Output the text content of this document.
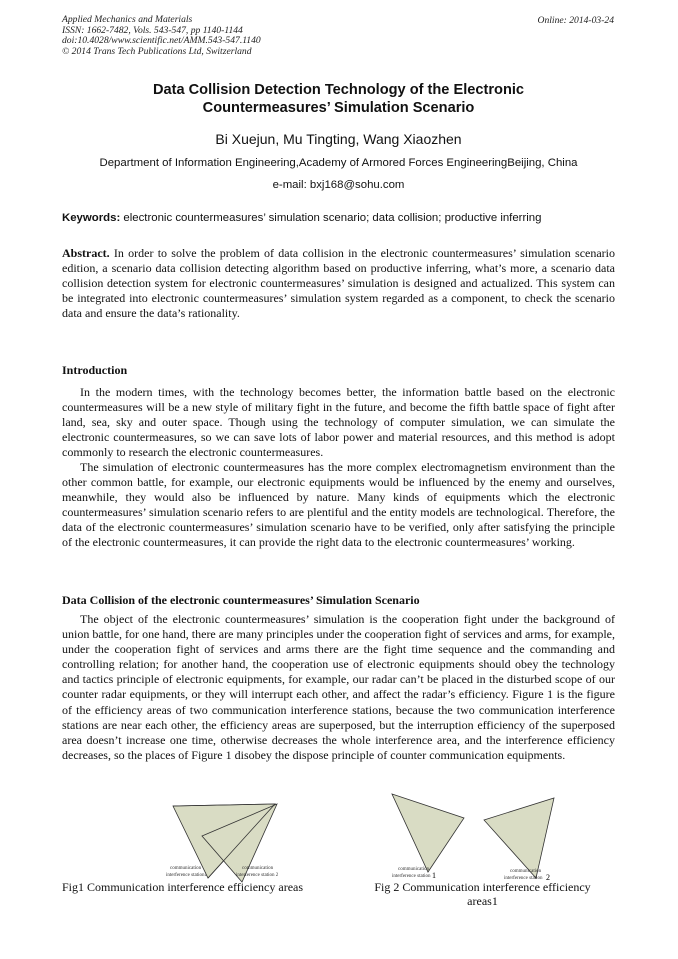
Applied Mechanics and Materials
ISSN: 1662-7482, Vols. 543-547, pp 1140-1144
doi:10.4028/www.scientific.net/AMM.543-547.1140
© 2014 Trans Tech Publications Ltd, Switzerland
Online: 2014-03-24
Data Collision Detection Technology of the Electronic
Countermeasures’ Simulation Scenario
Bi Xuejun, Mu Tingting, Wang Xiaozhen
Department of Information Engineering,Academy of Armored Forces EngineeringBeijing, China
e-mail: bxj168@sohu.com
Keywords: electronic countermeasures’ simulation scenario; data collision; productive inferring
Abstract. In order to solve the problem of data collision in the electronic countermeasures’ simulation scenario edition, a scenario data collision detecting algorithm based on productive inferring, what’s more, a scenario data collision detection system for electronic countermeasures’ simulation is designed and actualized. This system can be integrated into electronic countermeasures’ simulation system regarded as a component, to check the scenario data and ensure the data’s rationality.
Introduction
In the modern times, with the technology becomes better, the information battle based on the electronic countermeasures will be a new style of military fight in the future, and become the fifth battle space of fight after land, sea, sky and outer space. Though using the technology of computer simulation, we can simulate the electronic countermeasures, so we can save lots of labor power and material resources, and this method is adopt commonly to research the electronic countermeasures.
The simulation of electronic countermeasures has the more complex electromagnetism environment than the other common battle, for example, our electronic equipments would be influenced by the enemy and ourselves, meanwhile, they would also be influenced by nature. Many kinds of equipments which the electronic countermeasures’ simulation scenario refers to are plentiful and the entity models are technological. Therefore, the data of the electronic countermeasures’ simulation scenario have to be verified, only after satisfying the principle of the electronic countermeasures, it can provide the right data to the electronic countermeasures’ working.
Data Collision of the electronic countermeasures’ Simulation Scenario
The object of the electronic countermeasures’ simulation is the cooperation fight under the background of union battle, for one hand, there are many principles under the cooperation fight of services and arms, for example, under the cooperation fight of services and arms there are the fight time sequence and the commanding and controlling relation; for another hand, the cooperation use of electronic equipments should obey the technology and tactics principle of electronic equipments, for example, our radar can’t be placed in the disturbed scope of our counter radar equipments, or they will interrupt each other, and affect the radar’s efficiency. Figure 1 is the figure of the efficiency areas of two communication interference stations, because the two communication interference stations are near each other, the efficiency areas are superposed, but the interruption efficiency of the superposed area doesn’t increase one time, otherwise decreases the whole interference area, and the interference efficiency decreases, so the places of Figure 1 disobey the dispose principle of counter communication equipments.
communication
interference station1
communication
interference station 2
Fig1 Communication interference efficiency areas
communication
interference station 1	communication
interference station 2
Fig 2 Communication interference efficiency
areas1
